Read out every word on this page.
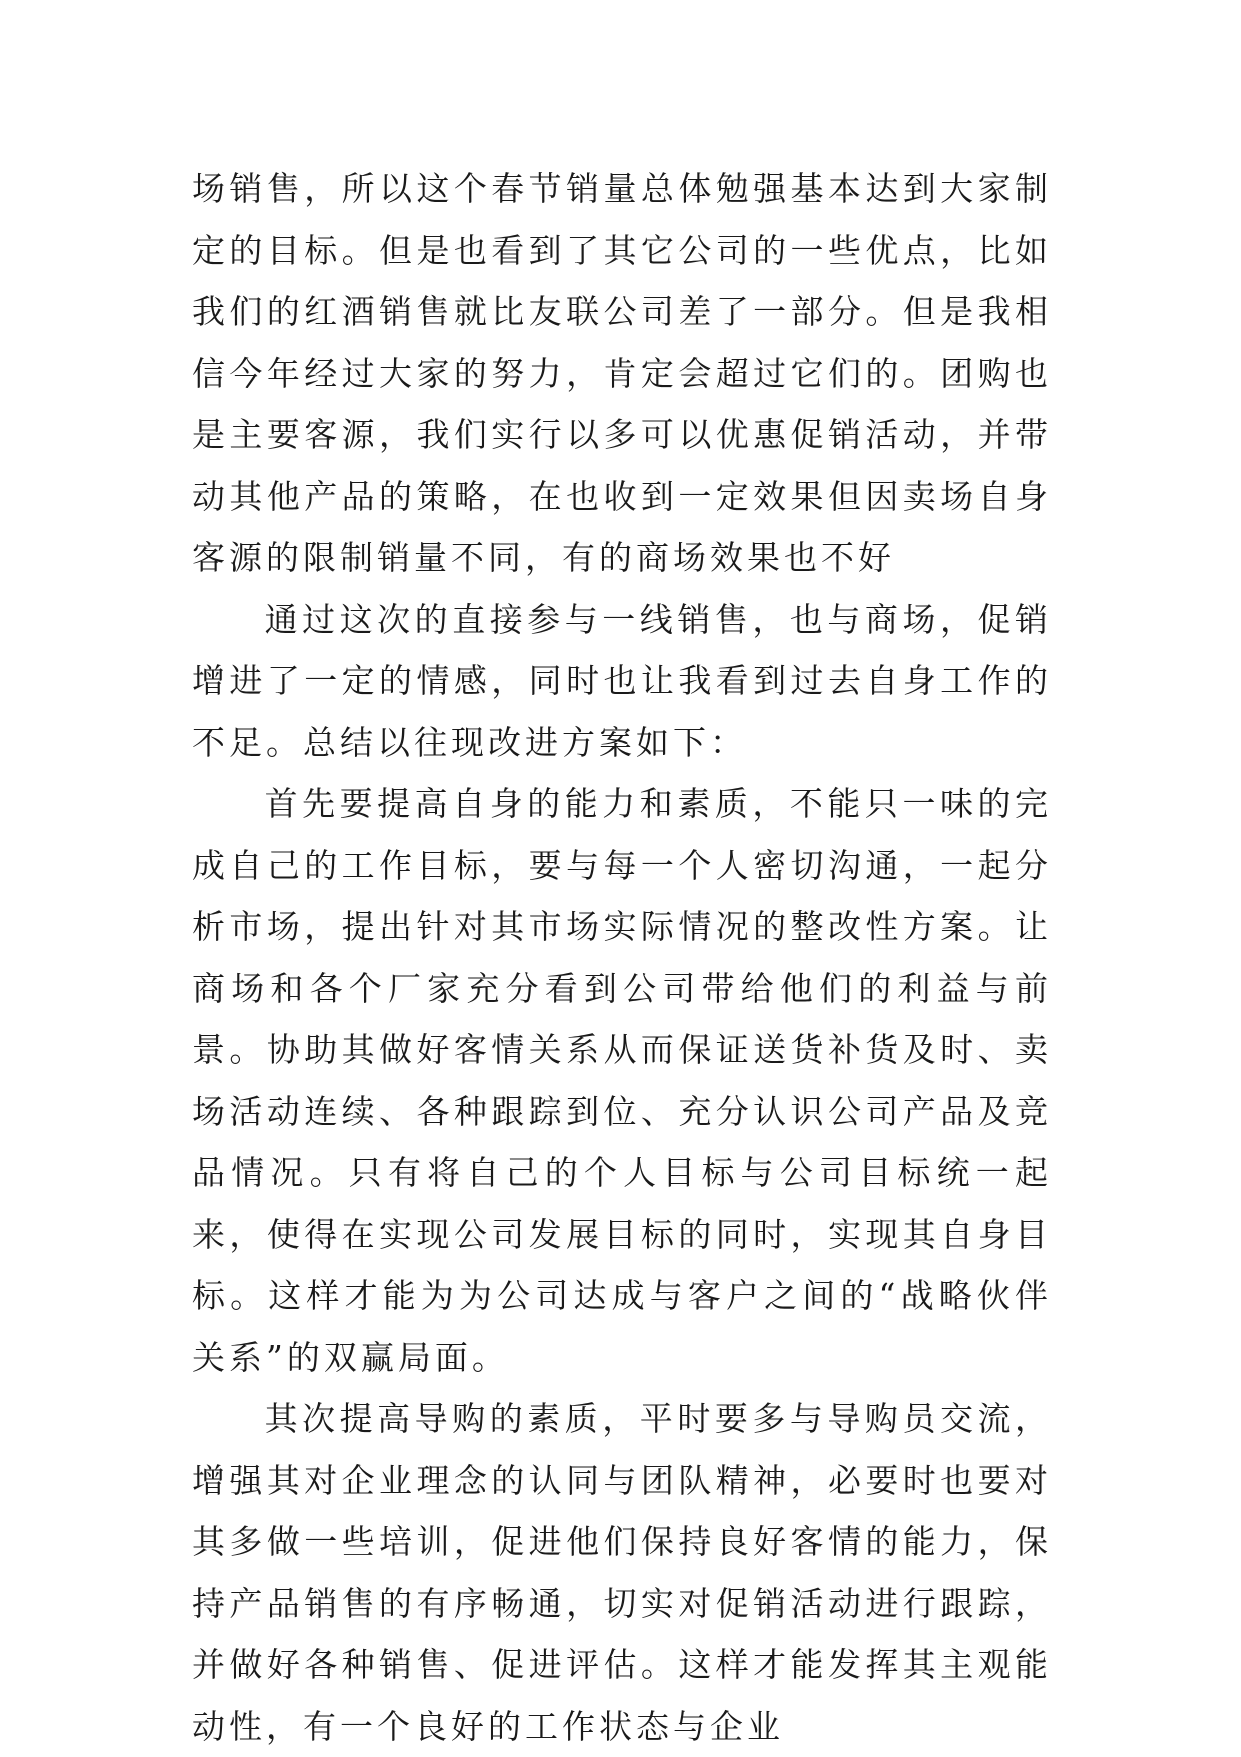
场销售，所以这个春节销量总体勉强基本达到大家制定的目标。但是也看到了其它公司的一些优点，比如我们的红酒销售就比友联公司差了一部分。但是我相信今年经过大家的努力，肯定会超过它们的。团购也是主要客源，我们实行以多可以优惠促销活动，并带动其他产品的策略，在也收到一定效果但因卖场自身客源的限制销量不同，有的商场效果也不好

通过这次的直接参与一线销售，也与商场，促销增进了一定的情感，同时也让我看到过去自身工作的不足。总结以往现改进方案如下：

首先要提高自身的能力和素质，不能只一味的完成自己的工作目标，要与每一个人密切沟通，一起分析市场，提出针对其市场实际情况的整改性方案。让商场和各个厂家充分看到公司带给他们的利益与前景。协助其做好客情关系从而保证送货补货及时、卖场活动连续、各种跟踪到位、充分认识公司产品及竞品情况。只有将自己的个人目标与公司目标统一起来，使得在实现公司发展目标的同时，实现其自身目标。这样才能为为公司达成与客户之间的“战略伙伴关系”的双赢局面。

其次提高导购的素质，平时要多与导购员交流，增强其对企业理念的认同与团队精神，必要时也要对其多做一些培训，促进他们保持良好客情的能力，保持产品销售的有序畅通，切实对促销活动进行跟踪，并做好各种销售、促进评估。这样才能发挥其主观能动性，有一个良好的工作状态与企业
